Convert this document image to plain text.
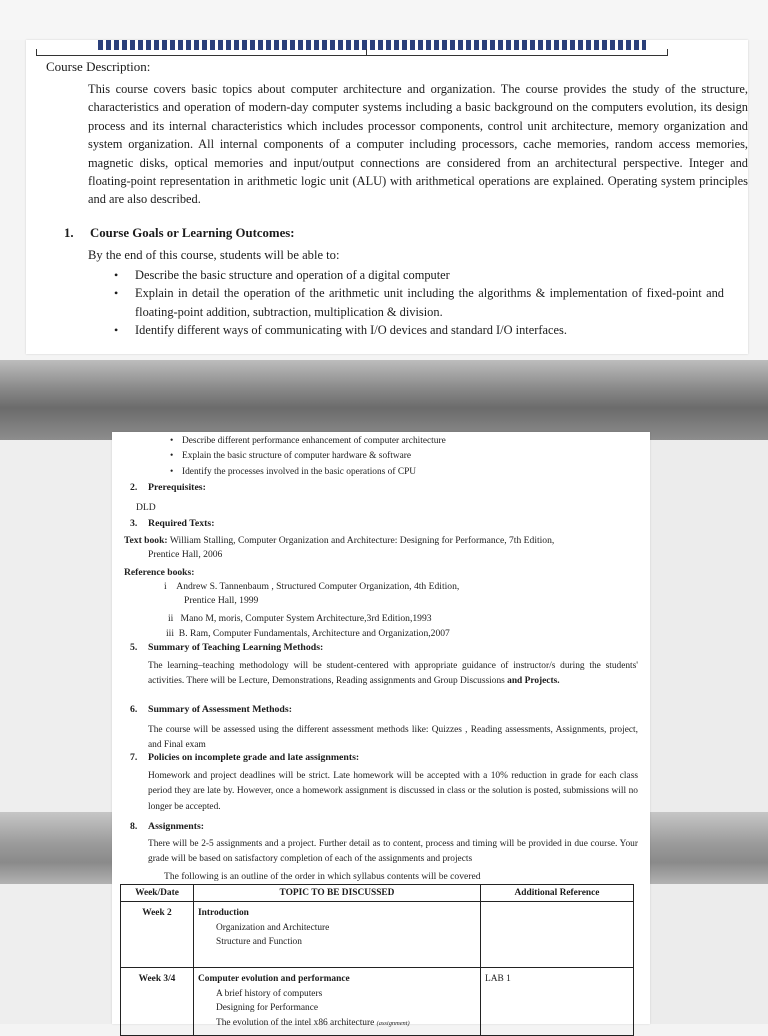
Course Description:
This course covers basic topics about computer architecture and organization. The course provides the study of the structure, characteristics and operation of modern-day computer systems including a basic background on the computers evolution, its design process and its internal characteristics which includes processor components, control unit architecture, memory organization and system organization. All internal components of a computer including processors, cache memories, random access memories, magnetic disks, optical memories and input/output connections are considered from an architectural perspective. Integer and floating-point representation in arithmetic logic unit (ALU) with arithmetical operations are explained. Operating system principles and are also described.
1. Course Goals or Learning Outcomes:
By the end of this course, students will be able to:
• Describe the basic structure and operation of a digital computer
• Explain in detail the operation of the arithmetic unit including the algorithms & implementation of fixed-point and floating-point addition, subtraction, multiplication & division.
• Identify different ways of communicating with I/O devices and standard I/O interfaces.
• Describe different performance enhancement of computer architecture
• Explain the basic structure of computer hardware & software
• Identify the processes involved in the basic operations of CPU
2. Prerequisites:
DLD
3. Required Texts:
Text book: William Stalling, Computer Organization and Architecture: Designing for Performance, 7th Edition,
Prentice Hall, 2006
Reference books:
i Andrew S. Tannenbaum , Structured Computer Organization, 4th Edition,
Prentice Hall, 1999
ii Mano M, moris, Computer System Architecture,3rd Edition,1993
iii B. Ram, Computer Fundamentals, Architecture and Organization,2007
5. Summary of Teaching Learning Methods:
The learning–teaching methodology will be student-centered with appropriate guidance of instructor/s during the students' activities. There will be Lecture, Demonstrations, Reading assignments and Group Discussions and Projects.
6. Summary of Assessment Methods:
The course will be assessed using the different assessment methods like: Quizzes , Reading assessments, Assignments, project, and Final exam
7. Policies on incomplete grade and late assignments:
Homework and project deadlines will be strict. Late homework will be accepted with a 10% reduction in grade for each class period they are late by. However, once a homework assignment is discussed in class or the solution is posted, submissions will no longer be accepted.
8. Assignments:
There will be 2-5 assignments and a project. Further detail as to content, process and timing will be provided in due course. Your grade will be based on satisfactory completion of each of the assignments and projects
The following is an outline of the order in which syllabus contents will be covered
Week/Date	TOPIC TO BE DISCUSSED	Additional Reference
Week 2	Introduction
Organization and Architecture
Structure and Function	

Week 3/4	Computer evolution and performance
A brief history of computers
Designing for Performance
The evolution of the intel x86 architecture (assignment)	LAB 1
